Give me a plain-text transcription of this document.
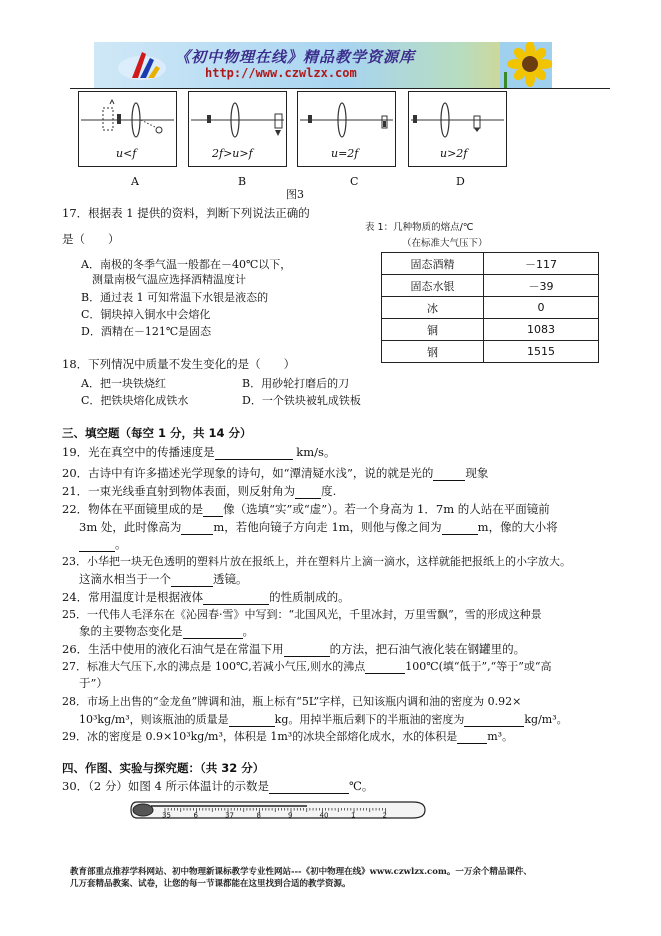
《初中物理在线》精品教学资源库
http://www.czwlzx.com
u<f	2f>u>f	u=2f	u>2f
A	B	C	D
图3
17．根据表 1 提供的资料，判断下列说法正确的
是（　　）
A．南极的冬季气温一般都在－40℃以下，
测量南极气温应选择酒精温度计
B．通过表 1 可知常温下水银是液态的
C．铜块掉入铜水中会熔化
D．酒精在－121℃是固态
表 1：几种物质的熔点/℃
（在标准大气压下）
固态酒精	－117
固态水银	－39
冰	0
铜	1083
钢	1515
18．下列情况中质量不发生变化的是（　　）
A．把一块铁烧红	B．用砂轮打磨后的刀
C．把铁块熔化成铁水	D．一个铁块被轧成铁板
三、填空题（每空 1 分，共 14 分）
19．光在真空中的传播速度是	km/s。
20．古诗中有许多描述光学现象的诗句，如“潭清疑水浅”，说的就是光的	现象
21．一束光线垂直射到物体表面，则反射角为 度.
22．物体在平面镜里成的是 像（选填“实”或“虚”）。若一个身高为 1．7m 的人站在平面镜前
3m 处，此时像高为	m，若他向镜子方向走 1m，则他与像之间为	m，像的大小将
。
23．小华把一块无色透明的塑料片放在报纸上，并在塑料片上滴一滴水，这样就能把报纸上的小字放大。
这滴水相当于一个	透镜。
24．常用温度计是根据液体	的性质制成的。
25．一代伟人毛泽东在《沁园春·雪》中写到：“北国风光，千里冰封，万里雪飘”，雪的形成这种景
象的主要物态变化是	。
26．生活中使用的液化石油气是在常温下用	的方法，把石油气液化装在钢罐里的。
27．标准大气压下,水的沸点是 100℃,若减小气压,则水的沸点	100℃(填“低于”,“等于”或“高
于”）
28．市场上出售的“金龙鱼”牌调和油，瓶上标有“5L”字样，已知该瓶内调和油的密度为 0.92×
10³kg/m³，则该瓶油的质量是	kg。用掉半瓶后剩下的半瓶油的密度为	kg/m³。
29．冰的密度是 0.9×10³kg/m³，体积是 1m³的冰块全部熔化成水，水的体积是	m³。
四、作图、实验与探究题：（共 32 分）
30．（2 分）如图 4 所示体温计的示数是	℃。
35	6	37	8	9	40	1	2
教育部重点推荐学科网站、初中物理新课标教学专业性网站---《初中物理在线》www.czwlzx.com。一万余个精品课件、
几万套精品教案、试卷，让您的每一节课都能在这里找到合适的教学资源。
